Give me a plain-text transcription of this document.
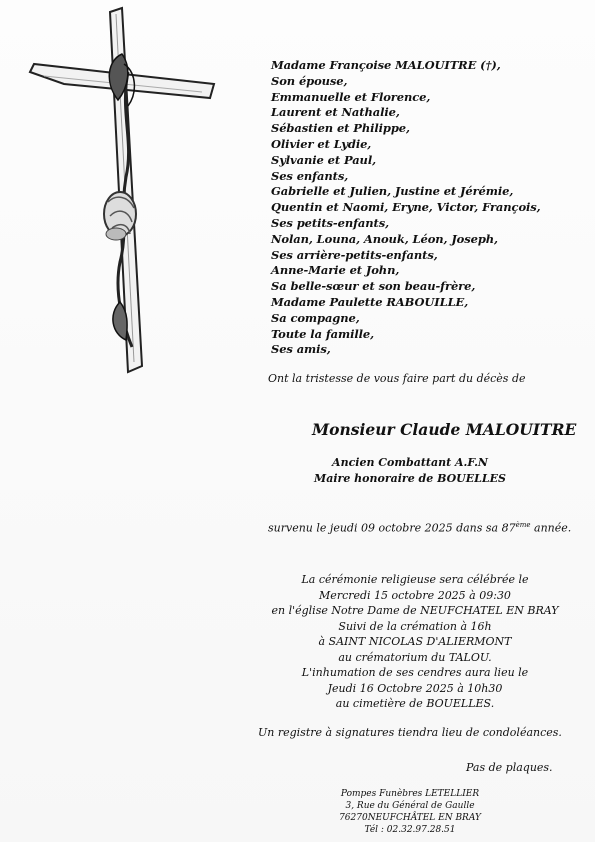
Madame Françoise MALOUITRE (†),
Son épouse,
Emmanuelle et Florence,
Laurent et Nathalie,
Sébastien et Philippe,
Olivier et Lydie,
Sylvanie et Paul,
Ses enfants,
Gabrielle et Julien, Justine et Jérémie,
Quentin et Naomi, Eryne, Victor, François,
Ses petits-enfants,
Nolan, Louna, Anouk, Léon, Joseph,
Ses arrière-petits-enfants,
Anne-Marie et John,
Sa belle-sœur et son beau-frère,
Madame Paulette RABOUILLE,
Sa compagne,
Toute la famille,
Ses amis,
Ont la tristesse de vous faire part du décès de
Monsieur Claude MALOUITRE
Ancien Combattant A.F.N
Maire honoraire de BOUELLES
survenu le jeudi 09 octobre 2025 dans sa 87ème année.
La cérémonie religieuse sera célébrée le
Mercredi 15 octobre 2025 à 09:30
en l'église Notre Dame de NEUFCHATEL EN BRAY
Suivi de la crémation à 16h
à SAINT NICOLAS D'ALIERMONT
au crématorium du TALOU.
L'inhumation de ses cendres aura lieu le
Jeudi 16 Octobre 2025 à 10h30
au cimetière de BOUELLES.
Un registre à signatures tiendra lieu de condoléances.
Pas de plaques.
Pompes Funèbres LETELLIER
3, Rue du Général de Gaulle
76270NEUFCHÂTEL EN BRAY
Tél : 02.32.97.28.51
